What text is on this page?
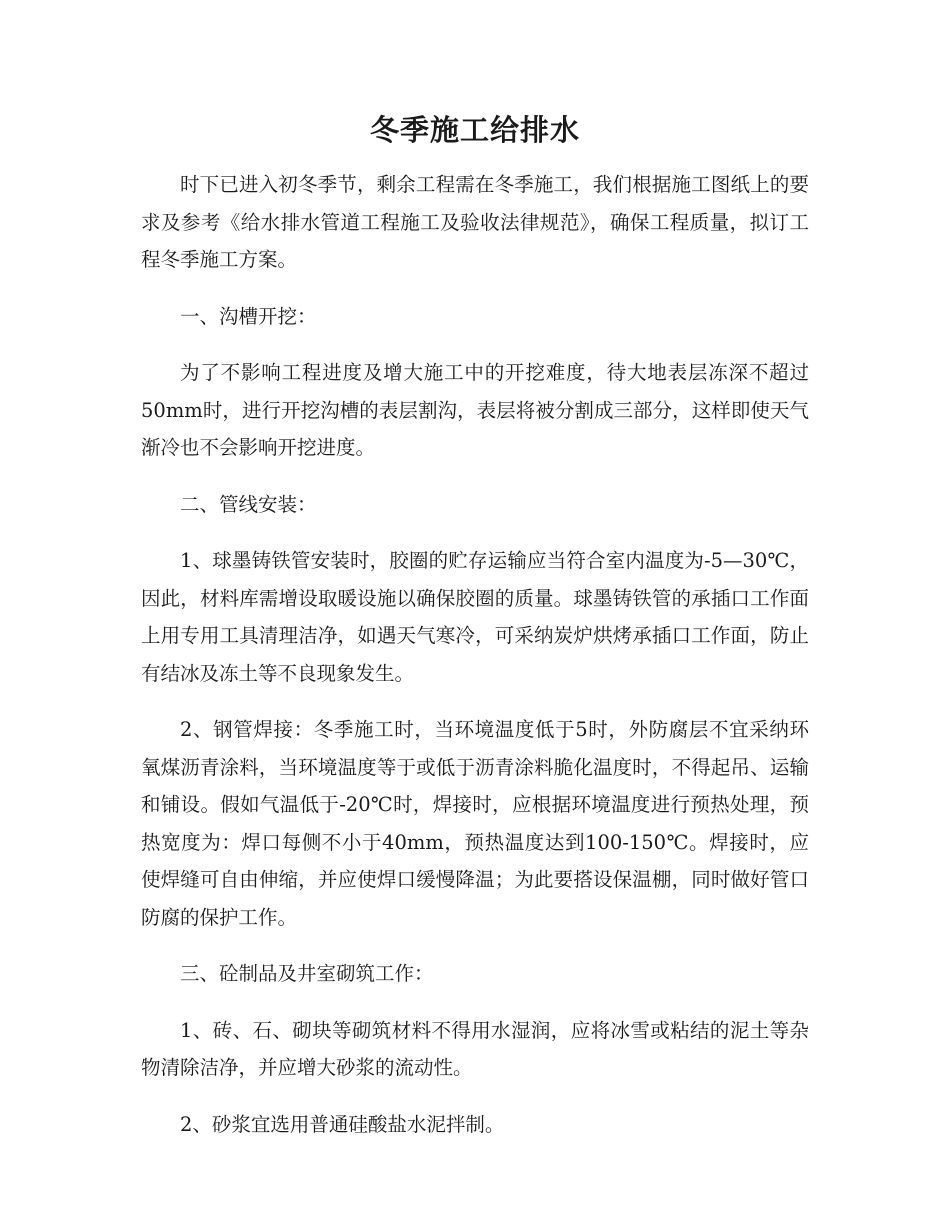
冬季施工给排水

时下已进入初冬季节，剩余工程需在冬季施工，我们根据施工图纸上的要求及参考《给水排水管道工程施工及验收法律规范》，确保工程质量，拟订工程冬季施工方案。

一、沟槽开挖：

为了不影响工程进度及增大施工中的开挖难度，待大地表层冻深不超过50mm时，进行开挖沟槽的表层割沟，表层将被分割成三部分，这样即使天气渐冷也不会影响开挖进度。

二、管线安装：

1、球墨铸铁管安装时，胶圈的贮存运输应当符合室内温度为-5—30℃，因此，材料库需增设取暖设施以确保胶圈的质量。球墨铸铁管的承插口工作面上用专用工具清理洁净，如遇天气寒冷，可采纳炭炉烘烤承插口工作面，防止有结冰及冻土等不良现象发生。

2、钢管焊接：冬季施工时，当环境温度低于5时，外防腐层不宜采纳环氧煤沥青涂料，当环境温度等于或低于沥青涂料脆化温度时，不得起吊、运输和铺设。假如气温低于-20℃时，焊接时，应根据环境温度进行预热处理，预热宽度为：焊口每侧不小于40mm，预热温度达到100-150℃。焊接时，应使焊缝可自由伸缩，并应使焊口缓慢降温；为此要搭设保温棚，同时做好管口防腐的保护工作。

三、砼制品及井室砌筑工作：

1、砖、石、砌块等砌筑材料不得用水湿润，应将冰雪或粘结的泥土等杂物清除洁净，并应增大砂浆的流动性。

2、砂浆宜选用普通硅酸盐水泥拌制。
